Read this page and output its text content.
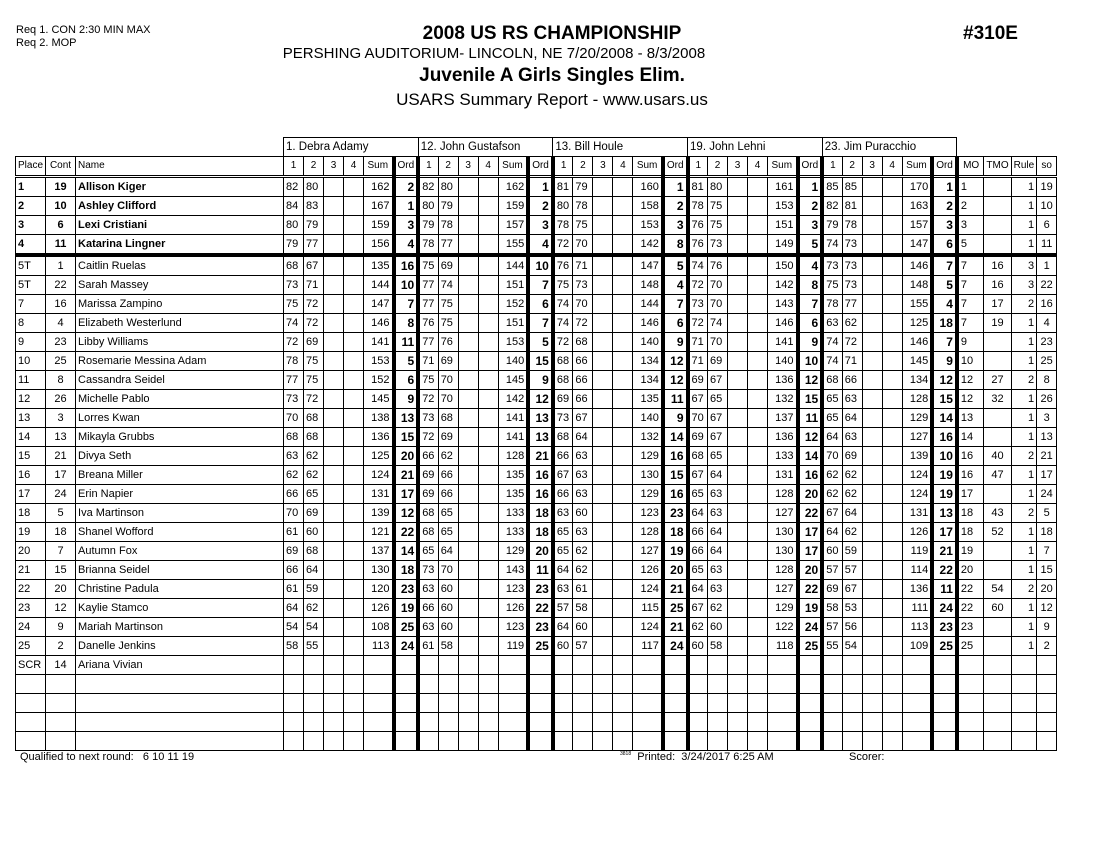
Req 1. CON 2:30 MIN MAX
Req 2. MOP	2008 US RS CHAMPIONSHIP
PERSHING AUDITORIUM- LINCOLN, NE 7/20/2008 - 8/3/2008
Juvenile A Girls Singles Elim.
USARS Summary Report - www.usars.us
#310E
			1. Debra Adamy						12. John Gustafson						13. Bill Houle						19. John Lehni						23. Jim Puracchio									
Place	Cont	Name	1	2	3	4	Sum	Ord	1	2	3	4	Sum	Ord	1	2	3	4	Sum	Ord	1	2	3	4	Sum	Ord	1	2	3	4	Sum	Ord	MO	TMO	Rule	so
1	19	Allison Kiger	82	80			162	2	82	80			162	1	81	79			160	1	81	80			161	1	85	85			170	1	1		1	19
2	10	Ashley Clifford	84	83			167	1	80	79			159	2	80	78			158	2	78	75			153	2	82	81			163	2	2		1	10
3	6	Lexi Cristiani	80	79			159	3	79	78			157	3	78	75			153	3	76	75			151	3	79	78			157	3	3		1	6
4	11	Katarina Lingner	79	77			156	4	78	77			155	4	72	70			142	8	76	73			149	5	74	73			147	6	5		1	11
5T	1	Caitlin Ruelas	68	67			135	16	75	69			144	10	76	71			147	5	74	76			150	4	73	73			146	7	7	16	3	1
5T	22	Sarah Massey	73	71			144	10	77	74			151	7	75	73			148	4	72	70			142	8	75	73			148	5	7	16	3	22
7	16	Marissa Zampino	75	72			147	7	77	75			152	6	74	70			144	7	73	70			143	7	78	77			155	4	7	17	2	16
8	4	Elizabeth Westerlund	74	72			146	8	76	75			151	7	74	72			146	6	72	74			146	6	63	62			125	18	7	19	1	4
9	23	Libby Williams	72	69			141	11	77	76			153	5	72	68			140	9	71	70			141	9	74	72			146	7	9		1	23
10	25	Rosemarie Messina Adam	78	75			153	5	71	69			140	15	68	66			134	12	71	69			140	10	74	71			145	9	10		1	25
11	8	Cassandra Seidel	77	75			152	6	75	70			145	9	68	66			134	12	69	67			136	12	68	66			134	12	12	27	2	8
12	26	Michelle Pablo	73	72			145	9	72	70			142	12	69	66			135	11	67	65			132	15	65	63			128	15	12	32	1	26
13	3	Lorres Kwan	70	68			138	13	73	68			141	13	73	67			140	9	70	67			137	11	65	64			129	14	13		1	3
14	13	Mikayla Grubbs	68	68			136	15	72	69			141	13	68	64			132	14	69	67			136	12	64	63			127	16	14		1	13
15	21	Divya Seth	63	62			125	20	66	62			128	21	66	63			129	16	68	65			133	14	70	69			139	10	16	40	2	21
16	17	Breana Miller	62	62			124	21	69	66			135	16	67	63			130	15	67	64			131	16	62	62			124	19	16	47	1	17
17	24	Erin Napier	66	65			131	17	69	66			135	16	66	63			129	16	65	63			128	20	62	62			124	19	17		1	24
18	5	Iva Martinson	70	69			139	12	68	65			133	18	63	60			123	23	64	63			127	22	67	64			131	13	18	43	2	5
19	18	Shanel Wofford	61	60			121	22	68	65			133	18	65	63			128	18	66	64			130	17	64	62			126	17	18	52	1	18
20	7	Autumn Fox	69	68			137	14	65	64			129	20	65	62			127	19	66	64			130	17	60	59			119	21	19		1	7
21	15	Brianna Seidel	66	64			130	18	73	70			143	11	64	62			126	20	65	63			128	20	57	57			114	22	20		1	15
22	20	Christine Padula	61	59			120	23	63	60			123	23	63	61			124	21	64	63			127	22	69	67			136	11	22	54	2	20
23	12	Kaylie Stamco	64	62			126	19	66	60			126	22	57	58			115	25	67	62			129	19	58	53			111	24	22	60	1	12
24	9	Mariah Martinson	54	54			108	25	63	60			123	23	64	60			124	21	62	60			122	24	57	56			113	23	23		1	9
25	2	Danelle Jenkins	58	55			113	24	61	58			119	25	60	57			117	24	60	58			118	25	55	54			109	25	25		1	2
SCR	14	Ariana Vivian																																		

Qualified to next round: 6 10 11 19	$^{3818}$ Printed: 3/24/2017 6:25 AM	Scorer:
